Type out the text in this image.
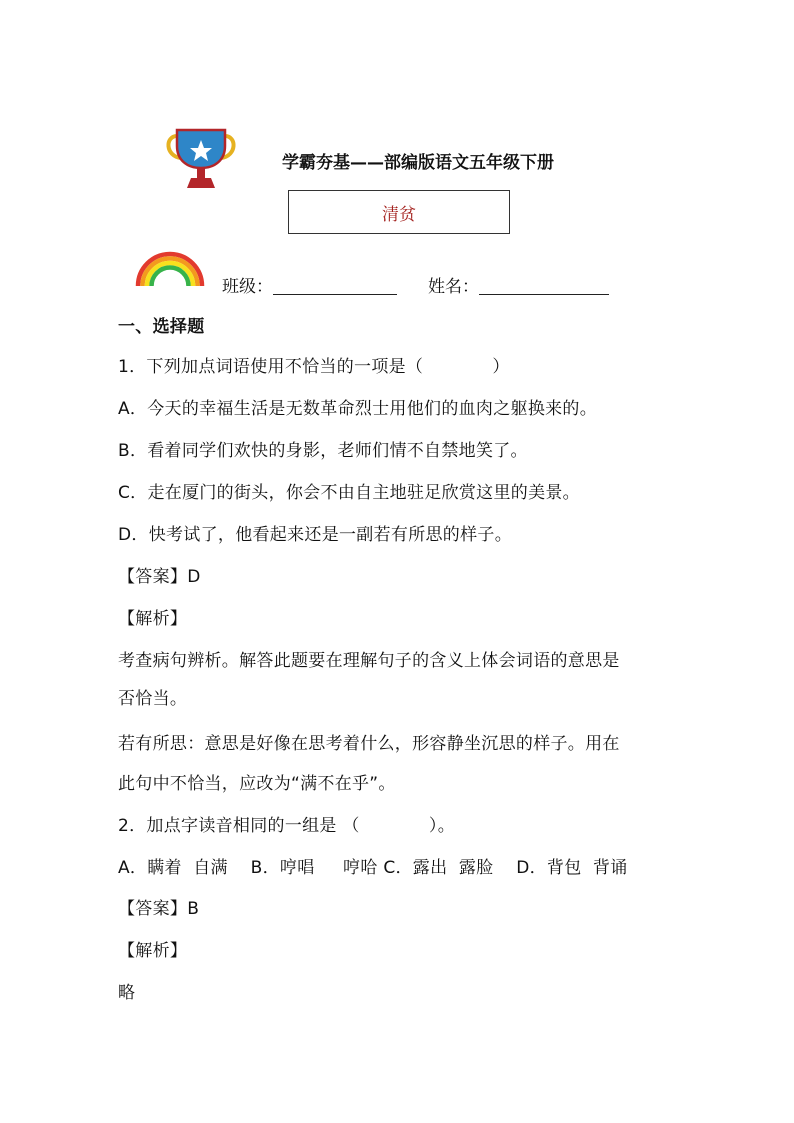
学霸夯基——部编版语文五年级下册
清贫
班级：	姓名：
一、选择题
1．下列加点词语使用不恰当的一项是（　　　　）
A．今天的幸福生活是无数革命烈士用他们的血肉之躯换来的。
B．看着同学们欢快的身影，老师们情不自禁地笑了。
C．走在厦门的街头，你会不由自主地驻足欣赏这里的美景。
D．快考试了，他看起来还是一副若有所思的样子。
【答案】D
【解析】
考查病句辨析。解答此题要在理解句子的含义上体会词语的意思是
否恰当。
若有所思：意思是好像在思考着什么，形容静坐沉思的样子。用在
此句中不恰当，应改为“满不在乎”。
2．加点字读音相同的一组是 （　　　　）。
A．瞒着  自满    B．哼唱     哼哈 C．露出  露脸    D．背包  背诵
【答案】B
【解析】
略
